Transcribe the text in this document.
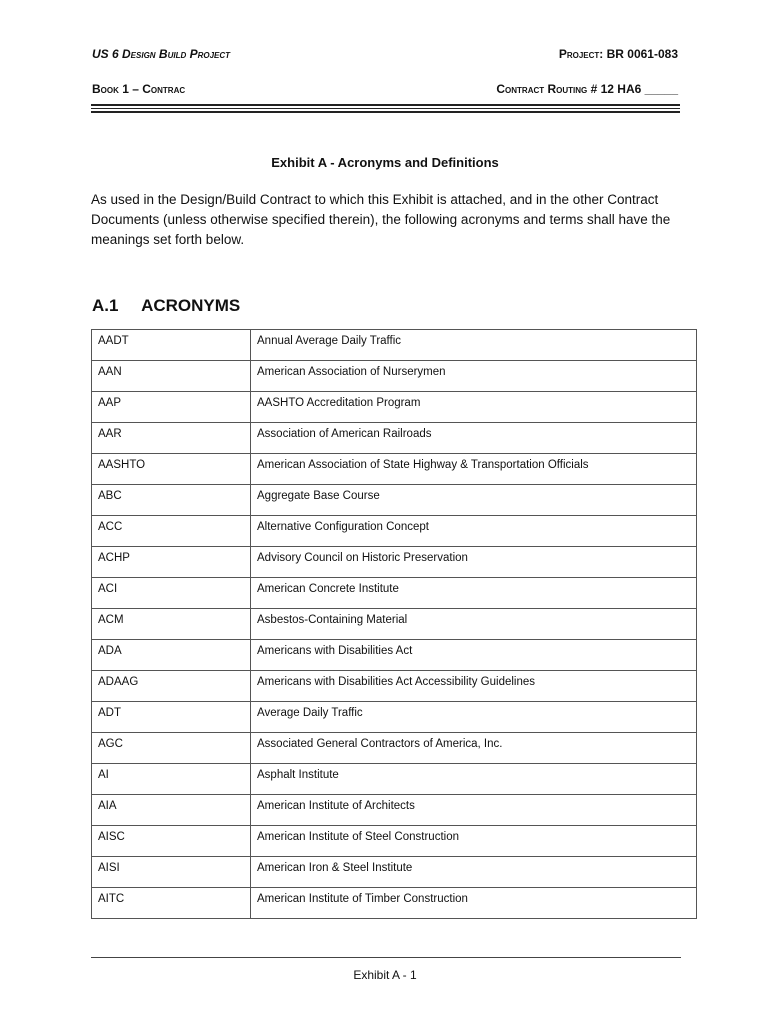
US 6 Design Build Project	Project: BR 0061-083
Book 1 – Contrac	Contract Routing # 12 HA6 _____
Exhibit A - Acronyms and Definitions
As used in the Design/Build Contract to which this Exhibit is attached, and in the other Contract Documents (unless otherwise specified therein), the following acronyms and terms shall have the meanings set forth below.
A.1 ACRONYMS
AADT	Annual Average Daily Traffic
AAN	American Association of Nurserymen
AAP	AASHTO Accreditation Program
AAR	Association of American Railroads
AASHTO	American Association of State Highway & Transportation Officials
ABC	Aggregate Base Course
ACC	Alternative Configuration Concept
ACHP	Advisory Council on Historic Preservation
ACI	American Concrete Institute
ACM	Asbestos-Containing Material
ADA	Americans with Disabilities Act
ADAAG	Americans with Disabilities Act Accessibility Guidelines
ADT	Average Daily Traffic
AGC	Associated General Contractors of America, Inc.
AI	Asphalt Institute
AIA	American Institute of Architects
AISC	American Institute of Steel Construction
AISI	American Iron & Steel Institute
AITC	American Institute of Timber Construction
Exhibit A - 1
